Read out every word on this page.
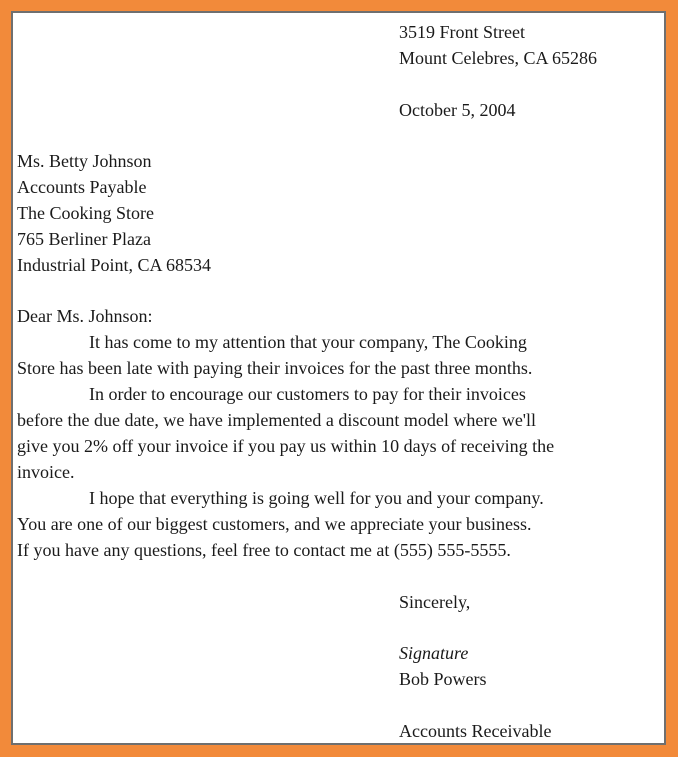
3519 Front Street
Mount Celebres, CA 65286
October 5, 2004
Ms. Betty Johnson
Accounts Payable
The Cooking Store
765 Berliner Plaza
Industrial Point, CA 68534
Dear Ms. Johnson:
It has come to my attention that your company, The Cooking
Store has been late with paying their invoices for the past three months.
In order to encourage our customers to pay for their invoices
before the due date, we have implemented a discount model where we'll
give you 2% off your invoice if you pay us within 10 days of receiving the
invoice.
I hope that everything is going well for you and your company.
You are one of our biggest customers, and we appreciate your business.
If you have any questions, feel free to contact me at (555) 555-5555.
Sincerely,
Signature
Bob Powers
Accounts Receivable
